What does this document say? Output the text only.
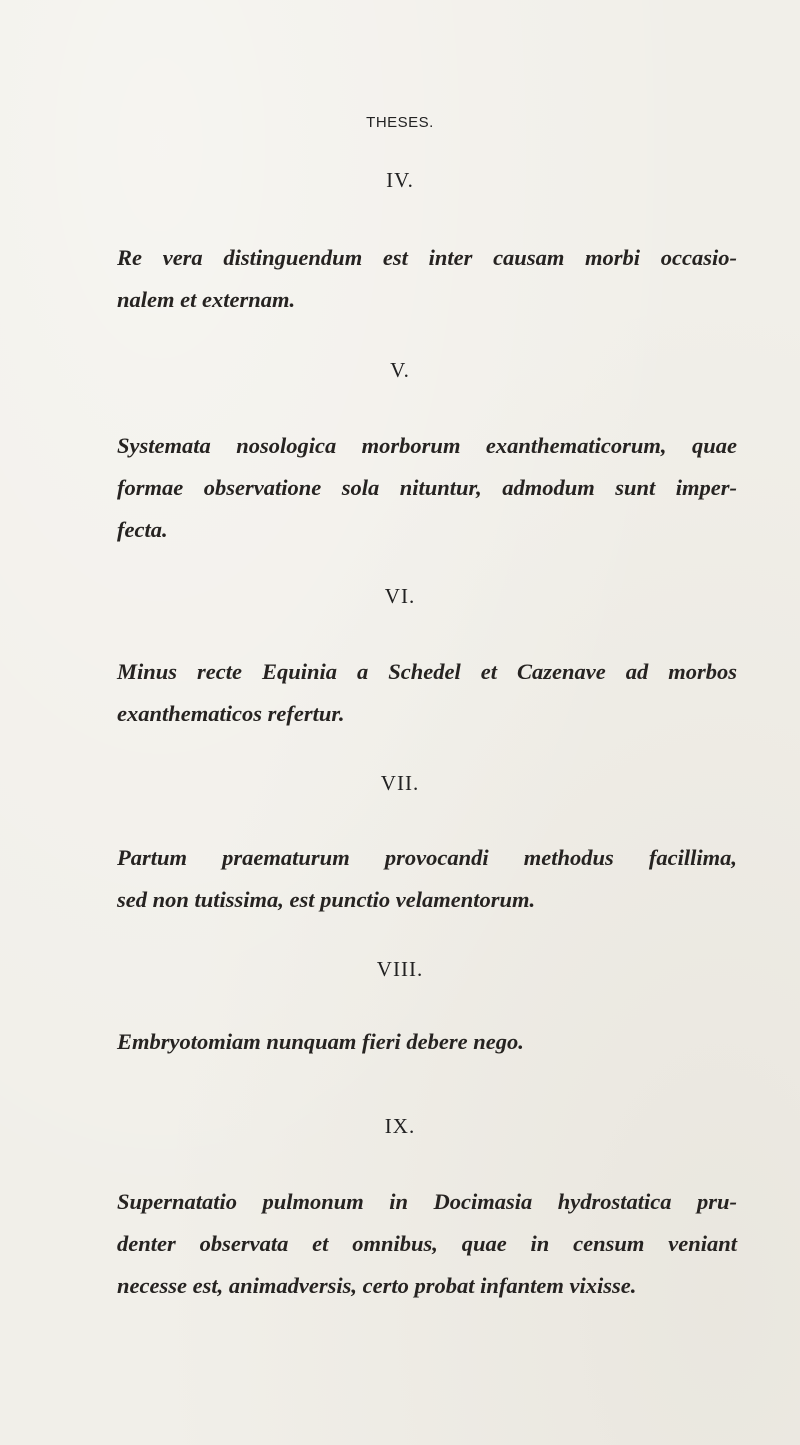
THESES.
IV.
Re vera distinguendum est inter causam morbi occasio-
nalem et externam.
V.
Systemata nosologica morborum exanthematicorum, quae
formae observatione sola nituntur, admodum sunt imper-
fecta.
VI.
Minus recte Equinia a Schedel et Cazenave ad morbos
exanthematicos refertur.
VII.
Partum praematurum provocandi methodus facillima,
sed non tutissima, est punctio velamentorum.
VIII.
Embryotomiam nunquam fieri debere nego.
IX.
Supernatatio pulmonum in Docimasia hydrostatica pru-
denter observata et omnibus, quae in censum veniant
necesse est, animadversis, certo probat infantem vixisse.
